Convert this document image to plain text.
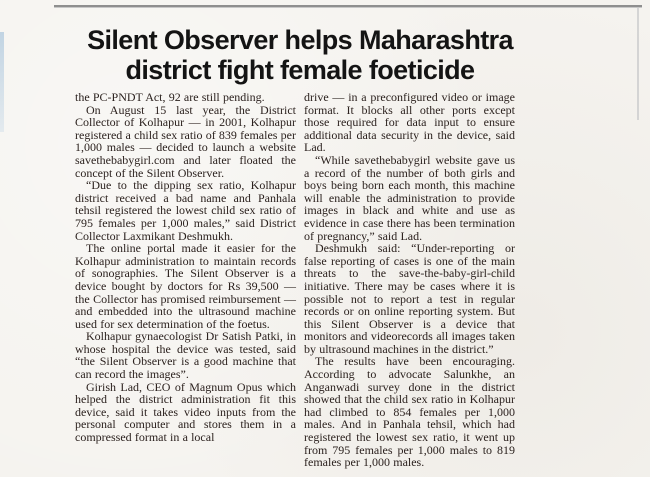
Silent Observer helps Maharashtra
district fight female foeticide

the PC-PNDT Act, 92 are still pending.

On August 15 last year, the District Collector of Kolhapur — in 2001, Kolhapur registered a child sex ratio of 839 females per 1,000 males — decided to launch a website savethebabygirl.com and later floated the concept of the Silent Observer.

“Due to the dipping sex ratio, Kolhapur district received a bad name and Panhala tehsil registered the lowest child sex ratio of 795 females per 1,000 males,” said District Collector Laxmikant Deshmukh.

The online portal made it easier for the Kolhapur administration to maintain records of sonographies. The Silent Observer is a device bought by doctors for Rs 39,500 — the Collector has promised reimbursement — and embedded into the ultrasound machine used for sex determination of the foetus.

Kolhapur gynaecologist Dr Satish Patki, in whose hospital the device was tested, said “the Silent Observer is a good machine that can record the images”.

Girish Lad, CEO of Magnum Opus which helped the district administration fit this device, said it takes video inputs from the personal computer and stores them in a compressed format in a local

drive — in a preconfigured video or image format. It blocks all other ports except those required for data input to ensure additional data security in the device, said Lad.

“While savethebabygirl website gave us a record of the number of both girls and boys being born each month, this machine will enable the administration to provide images in black and white and use as evidence in case there has been termination of pregnancy,” said Lad.

Deshmukh said: “Under-reporting or false reporting of cases is one of the main threats to the save-the-baby-girl-child initiative. There may be cases where it is possible not to report a test in regular records or on online reporting system. But this Silent Observer is a device that monitors and videorecords all images taken by ultrasound machines in the district.”

The results have been encouraging. According to advocate Salunkhe, an Anganwadi survey done in the district showed that the child sex ratio in Kolhapur had climbed to 854 females per 1,000 males. And in Panhala tehsil, which had registered the lowest sex ratio, it went up from 795 females per 1,000 males to 819 females per 1,000 males.
